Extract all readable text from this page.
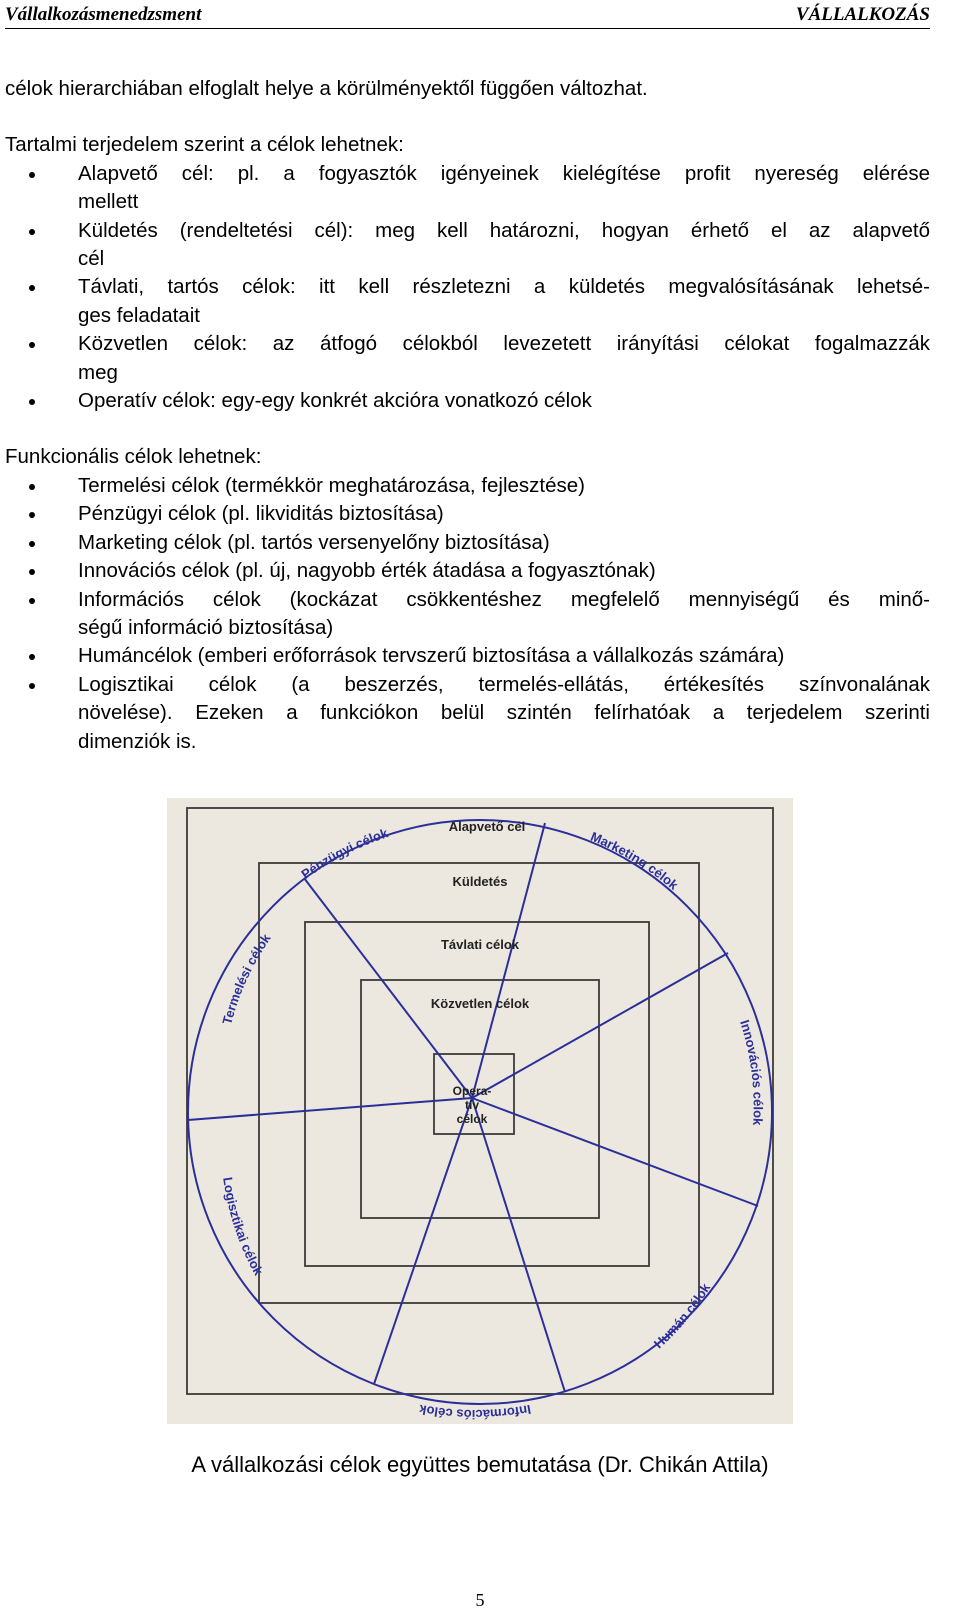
Vállalkozásmenedzsment	VÁLLALKOZÁS

célok hierarchiában elfoglalt helye a körülményektől függően változhat.

Tartalmi terjedelem szerint a célok lehetnek:

Alapvető cél: pl. a fogyasztók igényeinek kielégítése profit nyereség elérése
mellett
Küldetés (rendeltetési cél): meg kell határozni, hogyan érhető el az alapvető
cél
Távlati, tartós célok: itt kell részletezni a küldetés megvalósításának lehetsé-
ges feladatait
Közvetlen célok: az átfogó célokból levezetett irányítási célokat fogalmazzák
meg
Operatív célok: egy-egy konkrét akcióra vonatkozó célok

Funkcionális célok lehetnek:

Termelési célok (termékkör meghatározása, fejlesztése)
Pénzügyi célok (pl. likviditás biztosítása)
Marketing célok (pl. tartós versenyelőny biztosítása)
Innovációs célok (pl. új, nagyobb érték átadása a fogyasztónak)
Információs célok (kockázat csökkentéshez megfelelő mennyiségű és minő-
ségű információ biztosítása)
Humáncélok (emberi erőforrások tervszerű biztosítása a vállalkozás számára)
Logisztikai célok (a beszerzés, termelés-ellátás, értékesítés színvonalának
növelése). Ezeken a funkciókon belül szintén felírhatóak a terjedelem szerinti
dimenziók is.
Alapvető cél
Küldetés
Távlati célok
Közvetlen célok
Opera-
tív
célok
Pénzügyi célok	Marketing célok
Termelési célok
Innovációs célok
Logisztikai célok
Humán célok
Információs célok
A vállalkozási célok együttes bemutatása (Dr. Chikán Attila)
5
